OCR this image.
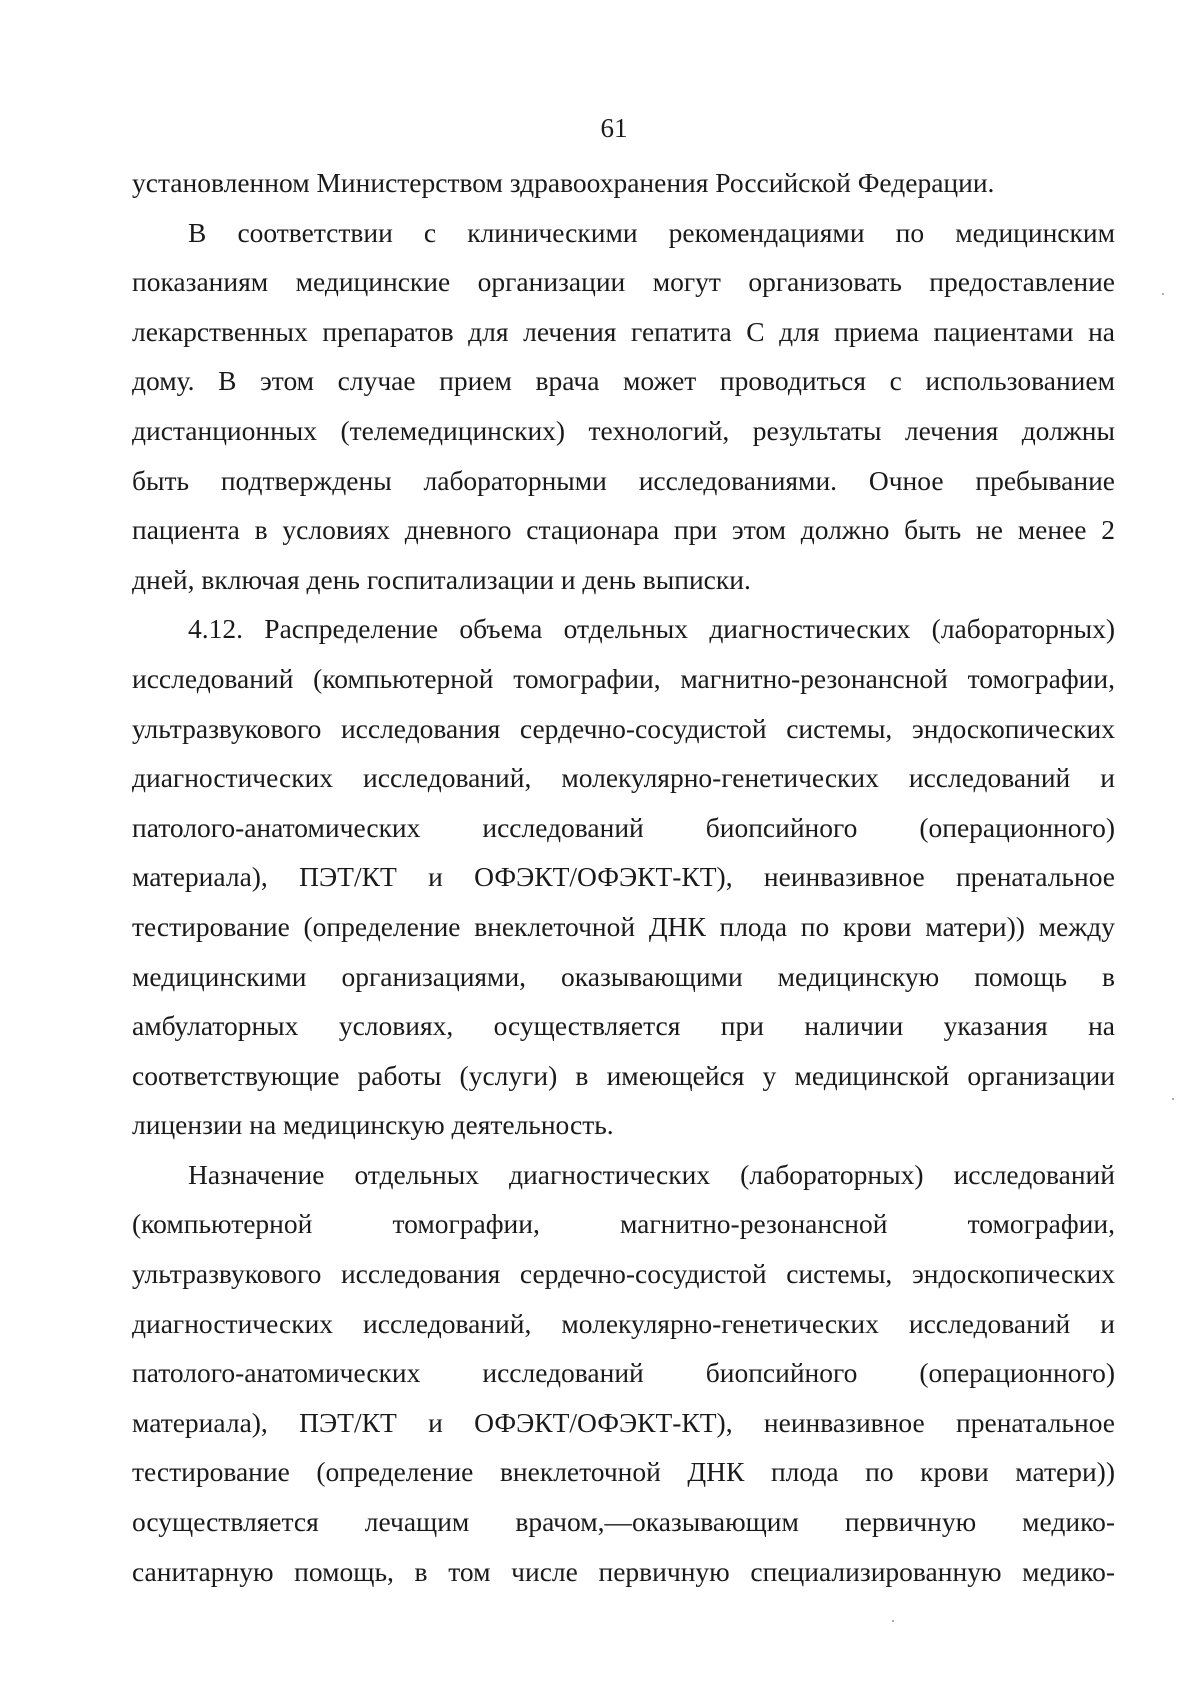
61
установленном Министерством здравоохранения Российской Федерации.
В соответствии с клиническими рекомендациями по медицинским
показаниям медицинские организации могут организовать предоставление
лекарственных препаратов для лечения гепатита С для приема пациентами на
дому. В этом случае прием врача может проводиться с использованием
дистанционных (телемедицинских) технологий, результаты лечения должны
быть подтверждены лабораторными исследованиями. Очное пребывание
пациента в условиях дневного стационара при этом должно быть не менее 2
дней, включая день госпитализации и день выписки.
4.12. Распределение объема отдельных диагностических (лабораторных)
исследований (компьютерной томографии, магнитно-резонансной томографии,
ультразвукового исследования сердечно-сосудистой системы, эндоскопических
диагностических исследований, молекулярно-генетических исследований и
патолого-анатомических исследований биопсийного (операционного)
материала), ПЭТ/КТ и ОФЭКТ/ОФЭКТ-КТ), неинвазивное пренатальное
тестирование (определение внеклеточной ДНК плода по крови матери)) между
медицинскими организациями, оказывающими медицинскую помощь в
амбулаторных условиях, осуществляется при наличии указания на
соответствующие работы (услуги) в имеющейся у медицинской организации
лицензии на медицинскую деятельность.
Назначение отдельных диагностических (лабораторных) исследований
(компьютерной томографии, магнитно-резонансной томографии,
ультразвукового исследования сердечно-сосудистой системы, эндоскопических
диагностических исследований, молекулярно-генетических исследований и
патолого-анатомических исследований биопсийного (операционного)
материала), ПЭТ/КТ и ОФЭКТ/ОФЭКТ-КТ), неинвазивное пренатальное
тестирование (определение внеклеточной ДНК плода по крови матери))
осуществляется лечащим врачом,—оказывающим первичную медико-
санитарную помощь, в том числе первичную специализированную медико-
